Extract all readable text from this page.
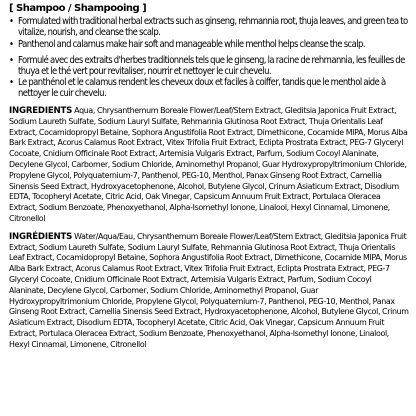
[ Shampoo / Shampooing ]
• Formulated with traditional herbal extracts such as ginseng, rehmannia root, thuja leaves, and green tea to vitalize, nourish, and cleanse the scalp.
• Panthenol and calamus make hair soft and manageable while menthol helps cleanse the scalp.
• Formulé avec des extraits d'herbes traditionnels tels que le ginseng, la racine de rehmannia, les feuilles de thuya et le thé vert pour revitaliser, nourrir et nettoyer le cuir chevelu.
• Le panthénol et le calamus rendent les cheveux doux et faciles à coiffer, tandis que le menthol aide à nettoyer le cuir chevelu.

INGREDIENTS Aqua, Chrysanthemum Boreale Flower/Leaf/Stem Extract, Gleditsia Japonica Fruit Extract, Sodium Laureth Sulfate, Sodium Lauryl Sulfate, Rehmannia Glutinosa Root Extract, Thuja Orientalis Leaf Extract, Cocamidopropyl Betaine, Sophora Angustifolia Root Extract, Dimethicone, Cocamide MIPA, Morus Alba Bark Extract, Acorus Calamus Root Extract, Vitex Trifolia Fruit Extract, Eclipta Prostrata Extract, PEG-7 Glyceryl Cocoate, Cnidium Officinale Root Extract, Artemisia Vulgaris Extract, Parfum, Sodium Cocoyl Alaninate, Decylene Glycol, Carbomer, Sodium Chloride, Aminomethyl Propanol, Guar Hydroxypropyltrimonium Chloride, Propylene Glycol, Polyquaternium-7, Panthenol, PEG-10, Menthol, Panax Ginseng Root Extract, Camellia Sinensis Seed Extract, Hydroxyacetophenone, Alcohol, Butylene Glycol, Crinum Asiaticum Extract, Disodium EDTA, Tocopheryl Acetate, Citric Acid, Oak Vinegar, Capsicum Annuum Fruit Extract, Portulaca Oleracea Extract, Sodium Benzoate, Phenoxyethanol, Alpha-Isomethyl Ionone, Linalool, Hexyl Cinnamal, Limonene, Citronellol

INGRÉDIENTS Water/Aqua/Eau, Chrysanthemum Boreale Flower/Leaf/Stem Extract, Gleditsia Japonica Fruit Extract, Sodium Laureth Sulfate, Sodium Lauryl Sulfate, Rehmannia Glutinosa Root Extract, Thuja Orientalis Leaf Extract, Cocamidopropyl Betaine, Sophora Angustifolia Root Extract, Dimethicone, Cocamide MIPA, Morus Alba Bark Extract, Acorus Calamus Root Extract, Vitex Trifolia Fruit Extract, Eclipta Prostrata Extract, PEG-7 Glyceryl Cocoate, Cnidium Officinale Root Extract, Artemisia Vulgaris Extract, Parfum, Sodium Cocoyl Alaninate, Decylene Glycol, Carbomer, Sodium Chloride, Aminomethyl Propanol, Guar Hydroxypropyltrimonium Chloride, Propylene Glycol, Polyquaternium-7, Panthenol, PEG-10, Menthol, Panax Ginseng Root Extract, Camellia Sinensis Seed Extract, Hydroxyacetophenone, Alcohol, Butylene Glycol, Crinum Asiaticum Extract, Disodium EDTA, Tocopheryl Acetate, Citric Acid, Oak Vinegar, Capsicum Annuum Fruit Extract, Portulaca Oleracea Extract, Sodium Benzoate, Phenoxyethanol, Alpha-Isomethyl Ionone, Linalool, Hexyl Cinnamal, Limonene, Citronellol
